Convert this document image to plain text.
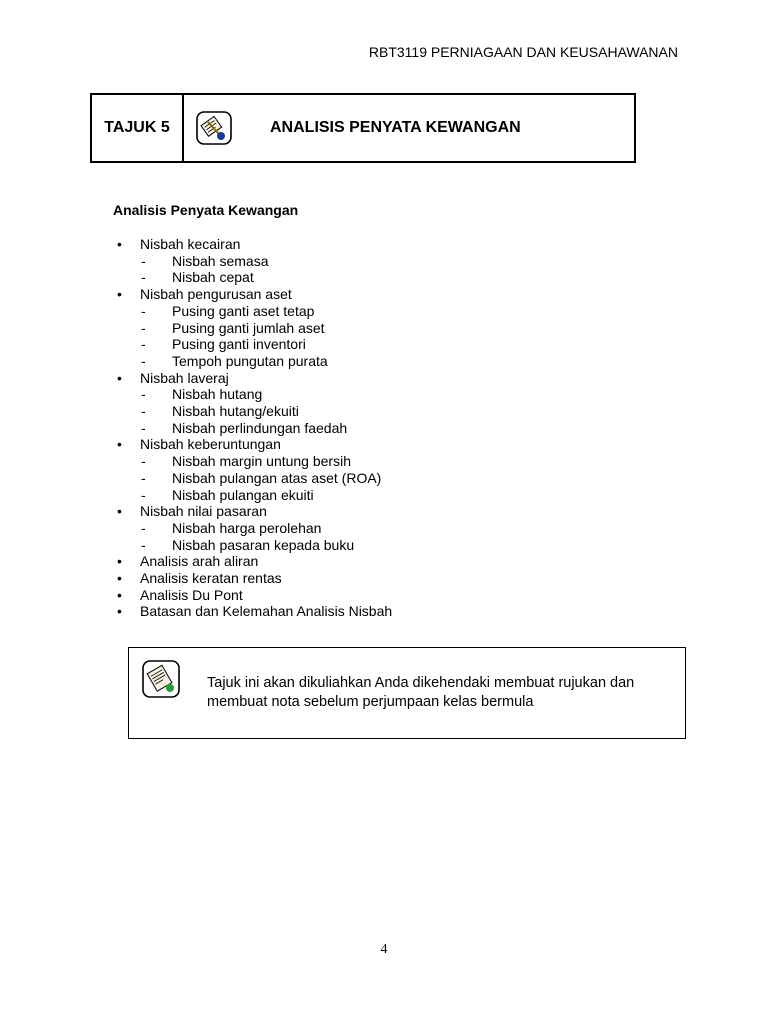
RBT3119 PERNIAGAAN DAN KEUSAHAWANAN
TAJUK 5	ANALISIS PENYATA KEWANGAN
Analisis Penyata Kewangan
•	Nisbah kecairan
-	Nisbah semasa
-	Nisbah cepat
•	Nisbah pengurusan aset
-	Pusing ganti aset tetap
-	Pusing ganti jumlah aset
-	Pusing ganti inventori
-	Tempoh pungutan purata
•	Nisbah laveraj
-	Nisbah hutang
-	Nisbah hutang/ekuiti
-	Nisbah perlindungan faedah
•	Nisbah keberuntungan
-	Nisbah margin untung bersih
-	Nisbah pulangan atas aset (ROA)
-	Nisbah pulangan ekuiti
•	Nisbah nilai pasaran
-	Nisbah harga perolehan
-	Nisbah pasaran kepada buku
•	Analisis arah aliran
•	Analisis keratan rentas
•	Analisis Du Pont
•	Batasan dan Kelemahan Analisis Nisbah
Tajuk ini akan dikuliahkan Anda dikehendaki membuat rujukan dan
membuat nota sebelum perjumpaan kelas bermula
4
